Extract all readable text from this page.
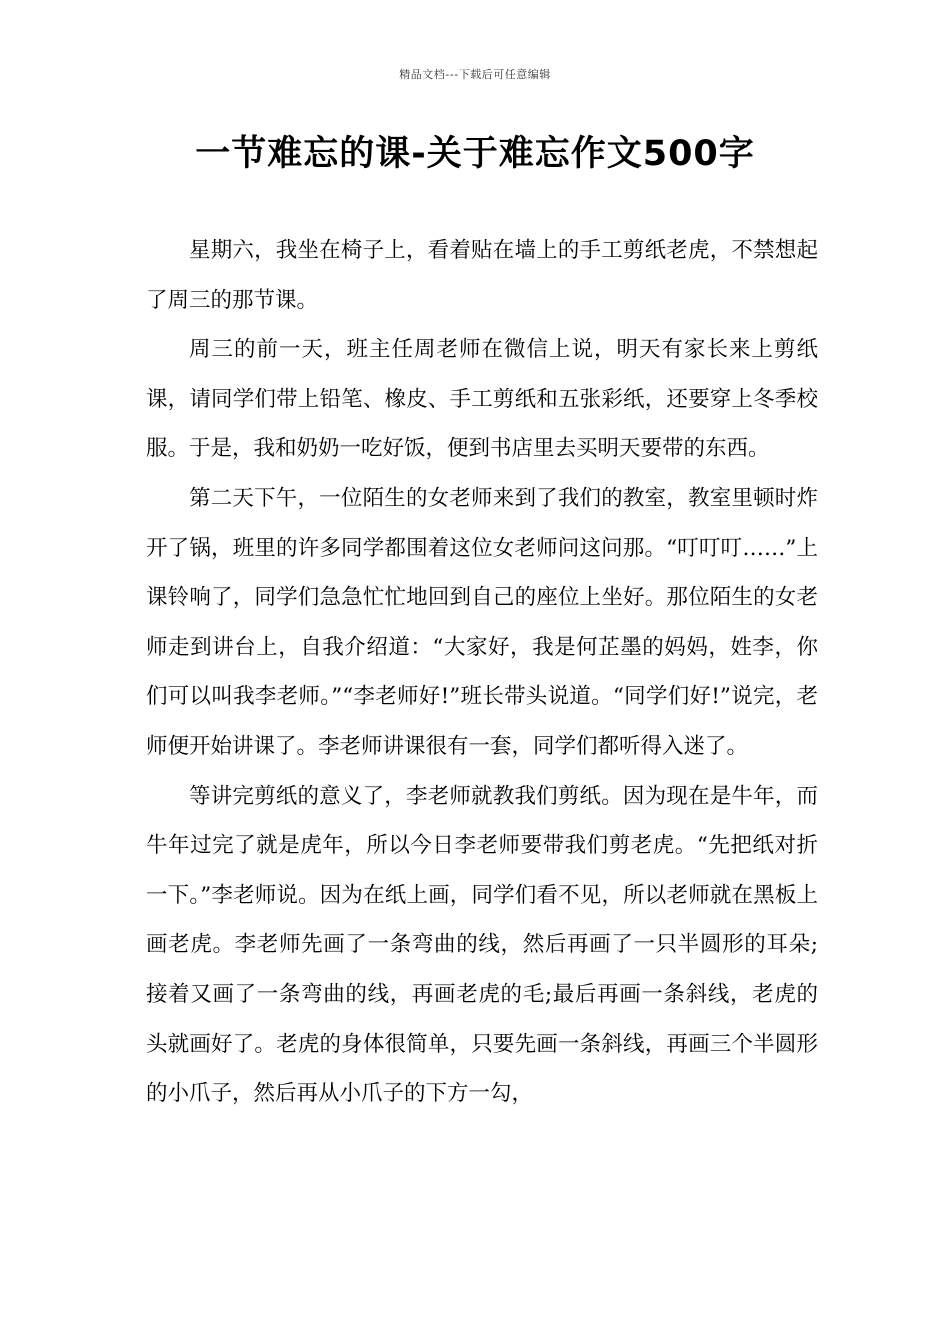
精品文档---下载后可任意编辑
一节难忘的课-关于难忘作文500字

星期六，我坐在椅子上，看着贴在墙上的手工剪纸老虎，不禁想起了周三的那节课。

周三的前一天，班主任周老师在微信上说，明天有家长来上剪纸课，请同学们带上铅笔、橡皮、手工剪纸和五张彩纸，还要穿上冬季校服。于是，我和奶奶一吃好饭，便到书店里去买明天要带的东西。

第二天下午，一位陌生的女老师来到了我们的教室，教室里顿时炸开了锅，班里的许多同学都围着这位女老师问这问那。“叮叮叮……”上课铃响了，同学们急急忙忙地回到自己的座位上坐好。那位陌生的女老师走到讲台上，自我介绍道：“大家好，我是何芷墨的妈妈，姓李，你们可以叫我李老师。”“李老师好!”班长带头说道。“同学们好!”说完，老师便开始讲课了。李老师讲课很有一套，同学们都听得入迷了。

等讲完剪纸的意义了，李老师就教我们剪纸。因为现在是牛年，而牛年过完了就是虎年，所以今日李老师要带我们剪老虎。“先把纸对折一下。”李老师说。因为在纸上画，同学们看不见，所以老师就在黑板上画老虎。李老师先画了一条弯曲的线，然后再画了一只半圆形的耳朵;接着又画了一条弯曲的线，再画老虎的毛;最后再画一条斜线，老虎的头就画好了。老虎的身体很简单，只要先画一条斜线，再画三个半圆形的小爪子，然后再从小爪子的下方一勾，
